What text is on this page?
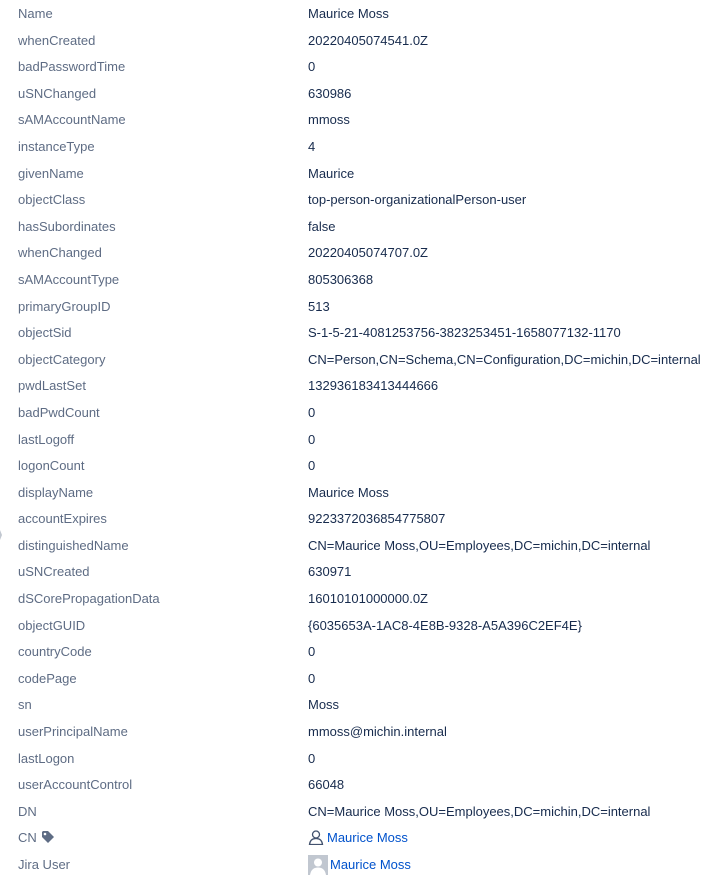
Name	Maurice Moss
whenCreated	20220405074541.0Z
badPasswordTime	0
uSNChanged	630986
sAMAccountName	mmoss
instanceType	4
givenName	Maurice
objectClass	top-person-organizationalPerson-user
hasSubordinates	false
whenChanged	20220405074707.0Z
sAMAccountType	805306368
primaryGroupID	513
objectSid	S-1-5-21-4081253756-3823253451-1658077132-1170
objectCategory	CN=Person,CN=Schema,CN=Configuration,DC=michin,DC=internal
pwdLastSet	132936183413444666
badPwdCount	0
lastLogoff	0
logonCount	0
displayName	Maurice Moss
accountExpires	9223372036854775807
distinguishedName	CN=Maurice Moss,OU=Employees,DC=michin,DC=internal
uSNCreated	630971
dSCorePropagationData	16010101000000.0Z
objectGUID	{6035653A-1AC8-4E8B-9328-A5A396C2EF4E}
countryCode	0
codePage	0
sn	Moss
userPrincipalName	mmoss@michin.internal
lastLogon	0
userAccountControl	66048
DN	CN=Maurice Moss,OU=Employees,DC=michin,DC=internal
CN	Maurice Moss
Jira User	Maurice Moss
